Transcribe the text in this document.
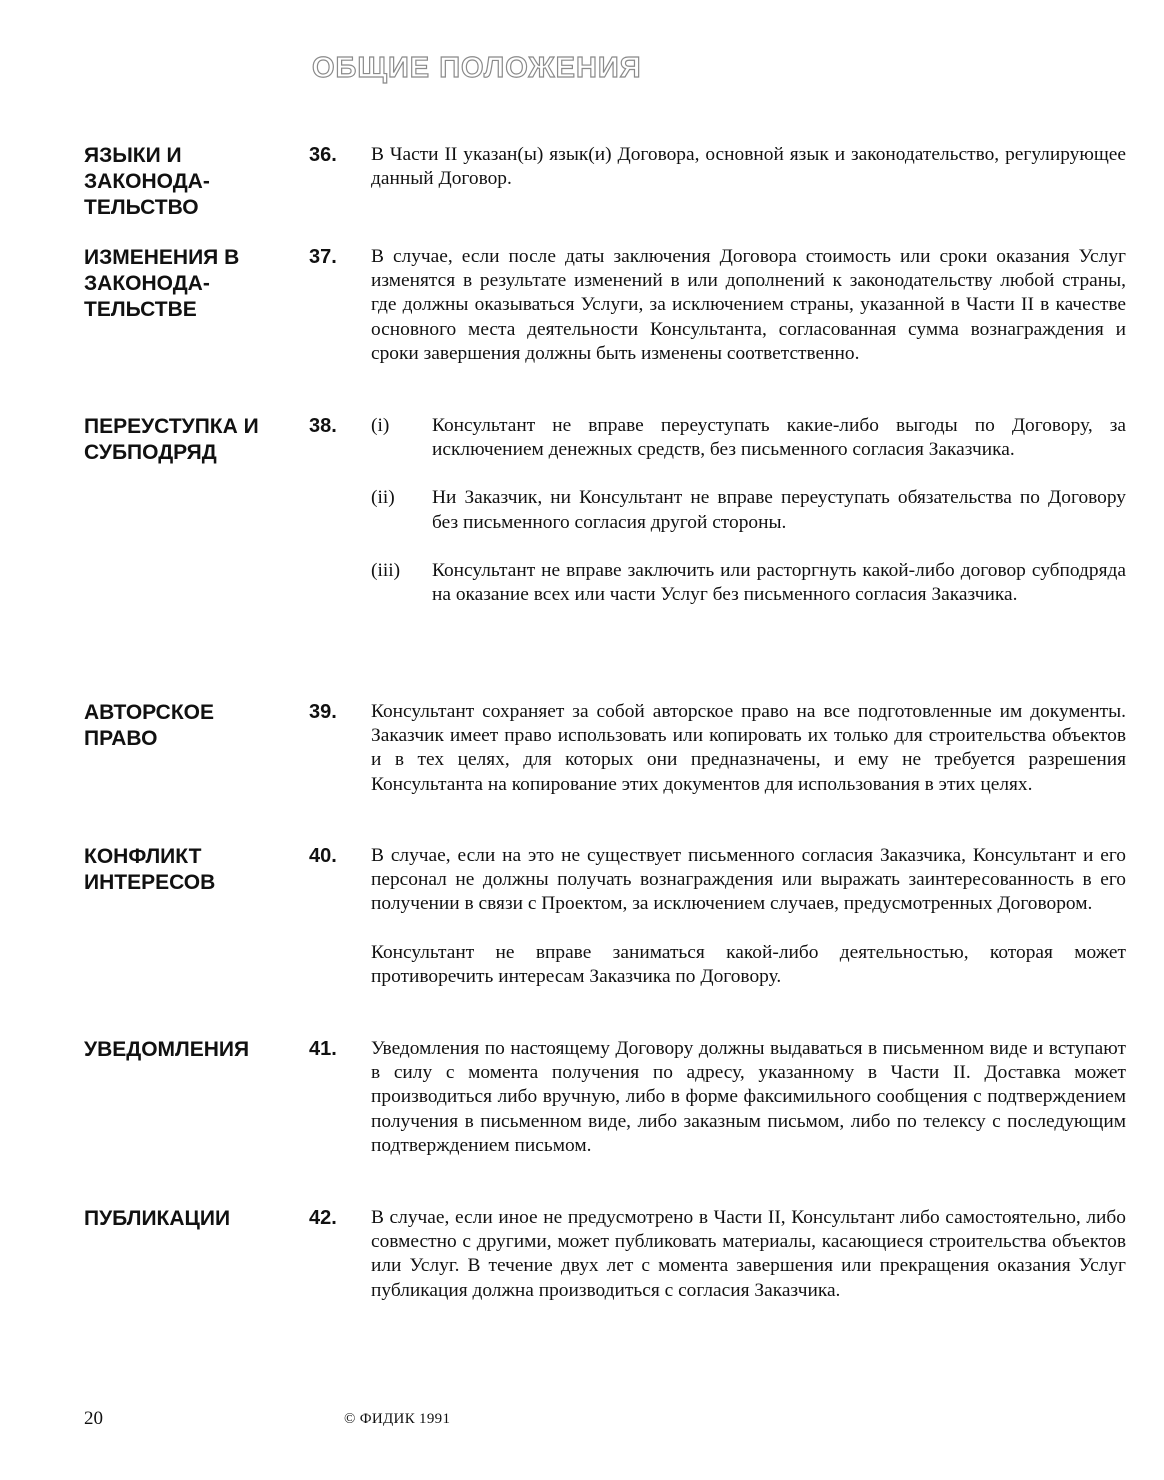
ОБЩИЕ ПОЛОЖЕНИЯ
ЯЗЫКИ И
ЗАКОНОДА-
ТЕЛЬСТВО
36. В Части II указан(ы) язык(и) Договора, основной язык и законодательство, регулирующее данный Договор.

ИЗМЕНЕНИЯ В
ЗАКОНОДА-
ТЕЛЬСТВЕ
37. В случае, если после даты заключения Договора стоимость или сроки оказания Услуг изменятся в результате изменений в или дополнений к законодательству любой страны, где должны оказываться Услуги, за исключением страны, указанной в Части II в качестве основного места деятельности Консультанта, согласованная сумма вознаграждения и сроки завершения должны быть изменены соответственно.

ПЕРЕУСТУПКА И
СУБПОДРЯД
38. (i) Консультант не вправе переуступать какие-либо выгоды по Договору, за исключением денежных средств, без письменного согласия Заказчика.
(ii) Ни Заказчик, ни Консультант не вправе переуступать обязательства по Договору без письменного согласия другой стороны.
(iii) Консультант не вправе заключить или расторгнуть какой-либо договор субподряда на оказание всех или части Услуг без письменного согласия Заказчика.
АВТОРСКОЕ
ПРАВО
39. Консультант сохраняет за собой авторское право на все подготовленные им документы. Заказчик имеет право использовать или копировать их только для строительства объектов и в тех целях, для которых они предназначены, и ему не требуется разрешения Консультанта на копирование этих документов для использования в этих целях.

КОНФЛИКТ
ИНТЕРЕСОВ
40. В случае, если на это не существует письменного согласия Заказчика, Консультант и его персонал не должны получать вознаграждения или выражать заинтересованность в его получении в связи с Проектом, за исключением случаев, предусмотренных Договором.

Консультант не вправе заниматься какой-либо деятельностью, которая может противоречить интересам Заказчика по Договору.

УВЕДОМЛЕНИЯ	41. Уведомления по настоящему Договору должны выдаваться в письменном виде и вступают в силу с момента получения по адресу, указанному в Части II. Доставка может производиться либо вручную, либо в форме факсимильного сообщения с подтверждением получения в письменном виде, либо заказным письмом, либо по телексу с последующим подтверждением письмом.

ПУБЛИКАЦИИ	42. В случае, если иное не предусмотрено в Части II, Консультант либо самостоятельно, либо совместно с другими, может публиковать материалы, касающиеся строительства объектов или Услуг. В течение двух лет с момента завершения или прекращения оказания Услуг публикация должна производиться с согласия Заказчика.

20	© ФИДИК 1991
